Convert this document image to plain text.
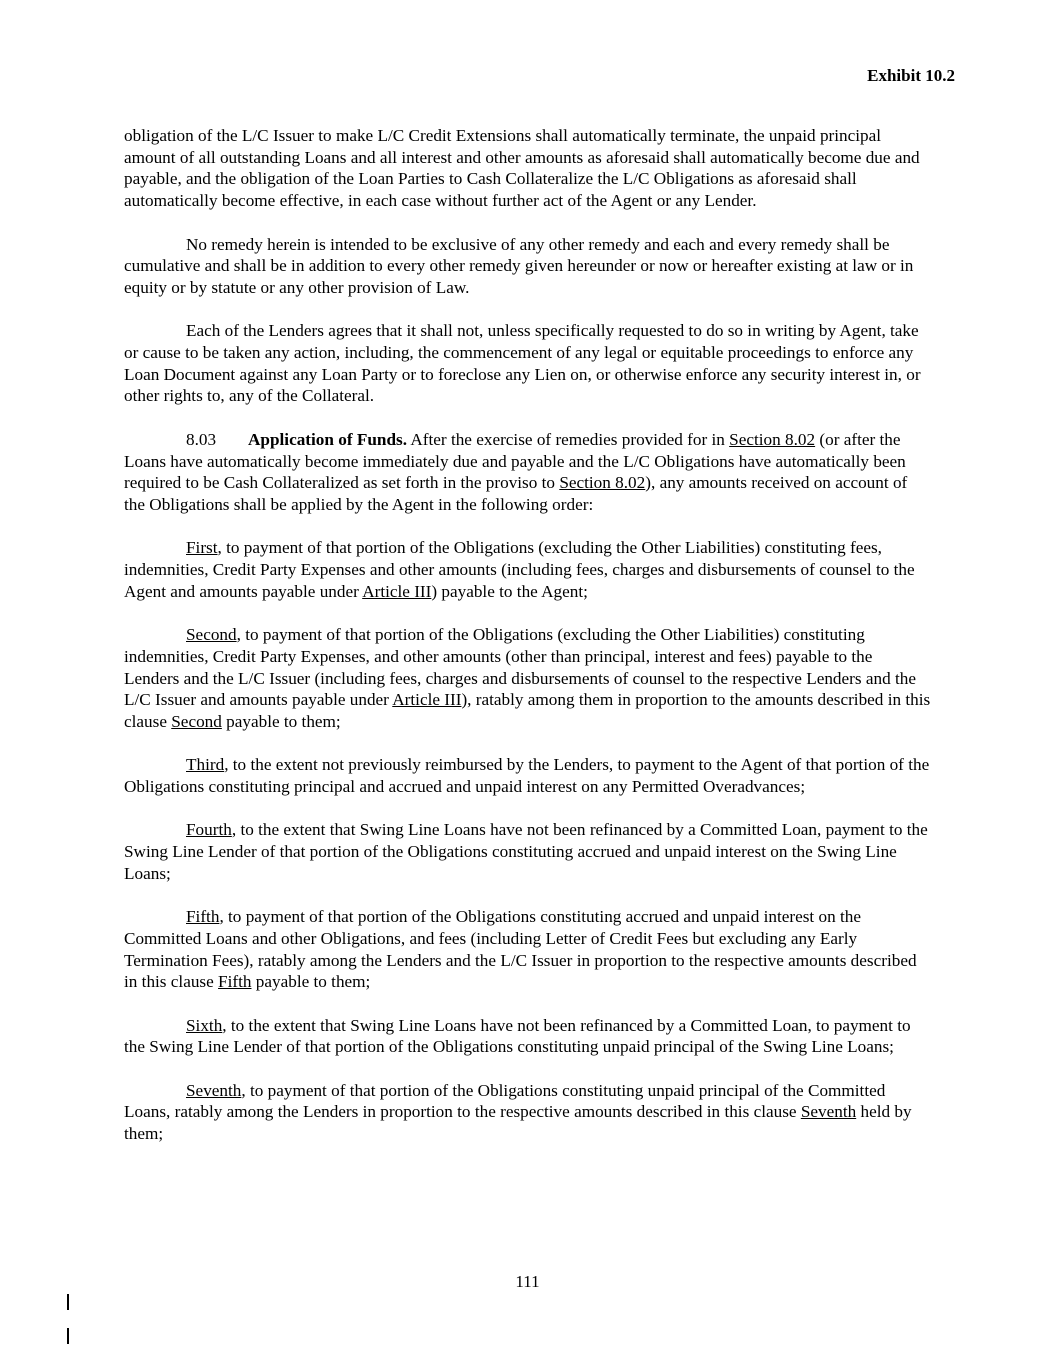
Exhibit 10.2

obligation of the L/C Issuer to make L/C Credit Extensions shall automatically terminate, the unpaid principal amount of all outstanding Loans and all interest and other amounts as aforesaid shall automatically become due and payable, and the obligation of the Loan Parties to Cash Collateralize the L/C Obligations as aforesaid shall automatically become effective, in each case without further act of the Agent or any Lender.

No remedy herein is intended to be exclusive of any other remedy and each and every remedy shall be cumulative and shall be in addition to every other remedy given hereunder or now or hereafter existing at law or in equity or by statute or any other provision of Law.

Each of the Lenders agrees that it shall not, unless specifically requested to do so in writing by Agent, take or cause to be taken any action, including, the commencement of any legal or equitable proceedings to enforce any Loan Document against any Loan Party or to foreclose any Lien on, or otherwise enforce any security interest in, or other rights to, any of the Collateral.

8.03 Application of Funds. After the exercise of remedies provided for in Section 8.02 (or after the Loans have automatically become immediately due and payable and the L/C Obligations have automatically been required to be Cash Collateralized as set forth in the proviso to Section 8.02), any amounts received on account of the Obligations shall be applied by the Agent in the following order:

First, to payment of that portion of the Obligations (excluding the Other Liabilities) constituting fees, indemnities, Credit Party Expenses and other amounts (including fees, charges and disbursements of counsel to the Agent and amounts payable under Article III) payable to the Agent;

Second, to payment of that portion of the Obligations (excluding the Other Liabilities) constituting indemnities, Credit Party Expenses, and other amounts (other than principal, interest and fees) payable to the Lenders and the L/C Issuer (including fees, charges and disbursements of counsel to the respective Lenders and the L/C Issuer and amounts payable under Article III), ratably among them in proportion to the amounts described in this clause Second payable to them;

Third, to the extent not previously reimbursed by the Lenders, to payment to the Agent of that portion of the Obligations constituting principal and accrued and unpaid interest on any Permitted Overadvances;

Fourth, to the extent that Swing Line Loans have not been refinanced by a Committed Loan, payment to the Swing Line Lender of that portion of the Obligations constituting accrued and unpaid interest on the Swing Line Loans;

Fifth, to payment of that portion of the Obligations constituting accrued and unpaid interest on the Committed Loans and other Obligations, and fees (including Letter of Credit Fees but excluding any Early Termination Fees), ratably among the Lenders and the L/C Issuer in proportion to the respective amounts described in this clause Fifth payable to them;

Sixth, to the extent that Swing Line Loans have not been refinanced by a Committed Loan, to payment to the Swing Line Lender of that portion of the Obligations constituting unpaid principal of the Swing Line Loans;

Seventh, to payment of that portion of the Obligations constituting unpaid principal of the Committed Loans, ratably among the Lenders in proportion to the respective amounts described in this clause Seventh held by them;

111
